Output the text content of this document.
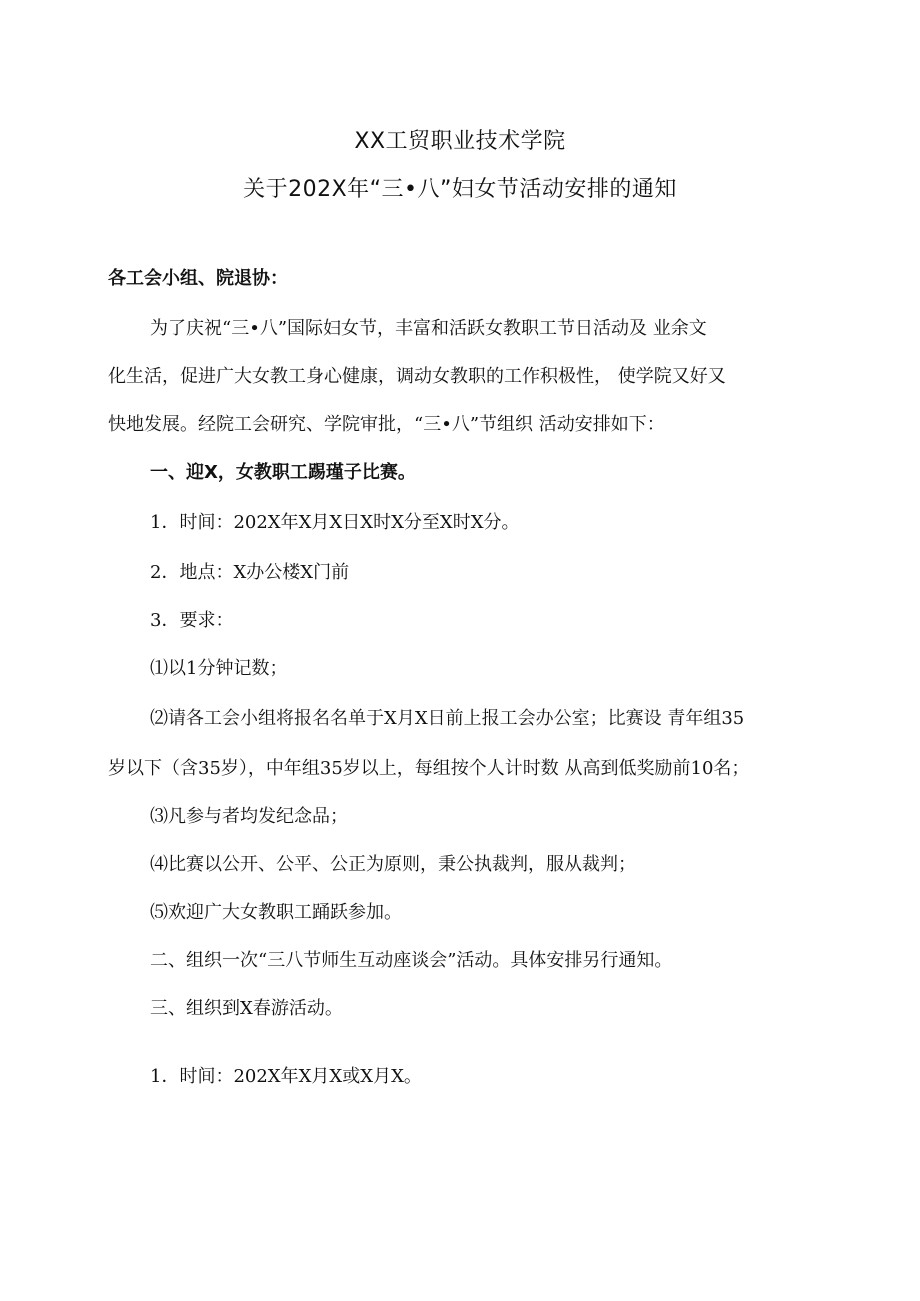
XX工贸职业技术学院
关于202X年“三•八”妇女节活动安排的通知
各工会小组、院退协：
为了庆祝“三•八”国际妇女节，丰富和活跃女教职工节日活动及 业余文
化生活，促进广大女教工身心健康，调动女教职的工作积极性， 使学院又好又
快地发展。经院工会研究、学院审批，“三•八”节组织 活动安排如下：
一、迎X，女教职工踢瑾子比赛。
1．时间：202X年X月X日X时X分至X时X分。
2．地点：X办公楼X门前
3．要求：
⑴以1分钟记数；
⑵请各工会小组将报名名单于X月X日前上报工会办公室；比赛设 青年组35
岁以下（含35岁），中年组35岁以上，每组按个人计时数 从高到低奖励前10名；
⑶凡参与者均发纪念品；
⑷比赛以公开、公平、公正为原则，秉公执裁判，服从裁判；
⑸欢迎广大女教职工踊跃参加。
二、组织一次“三八节师生互动座谈会”活动。具体安排另行通知。
三、组织到X春游活动。
1．时间：202X年X月X或X月X。
